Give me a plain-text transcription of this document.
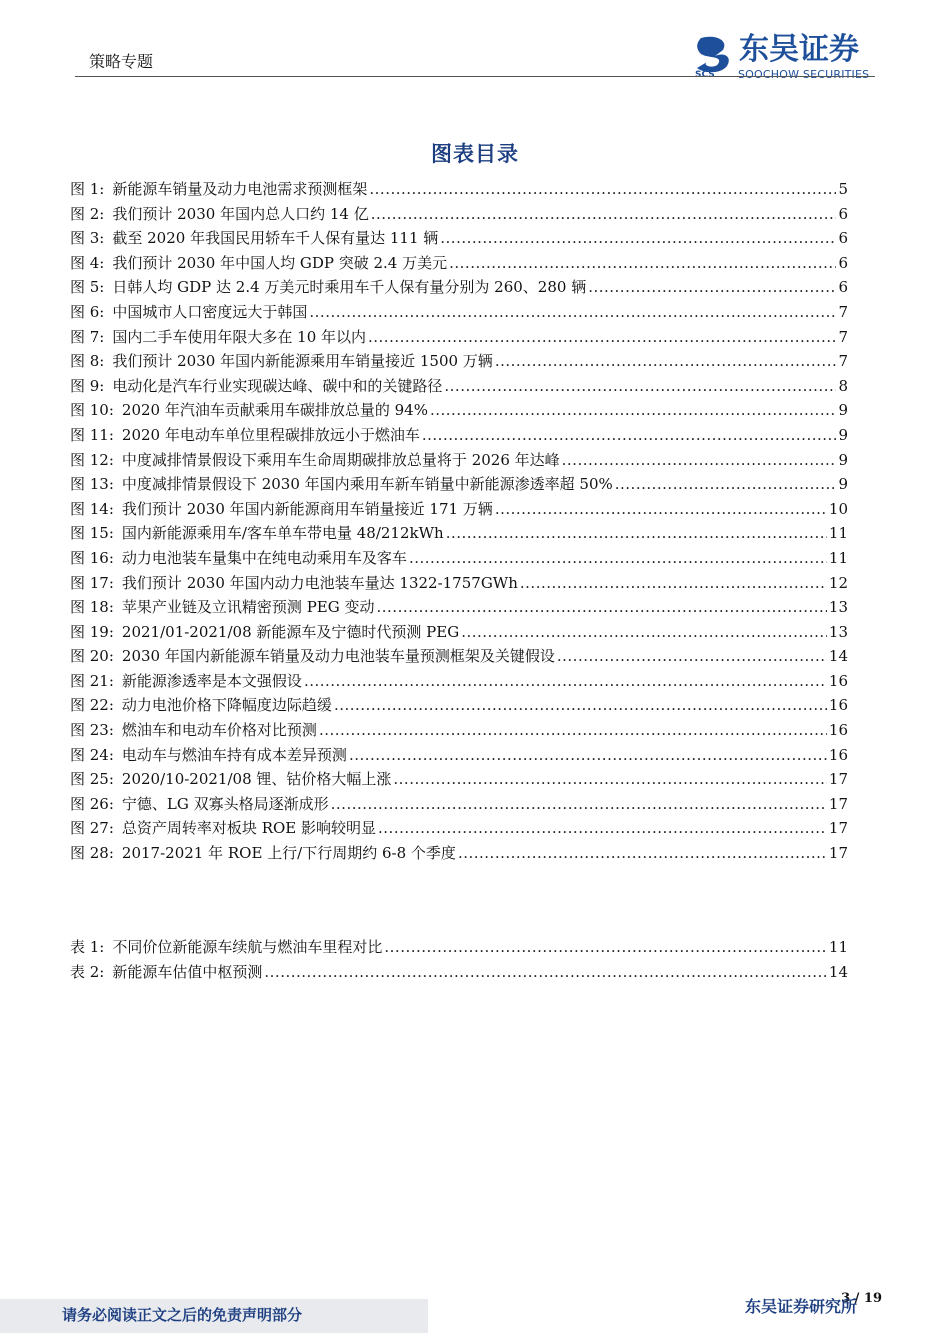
策略专题
SCS
东吴证券
SOOCHOW SECURITIES
图表目录
图 1: 新能源车销量及动力电池需求预测框架 .....	5
图 2: 我们预计 2030 年国内总人口约 14 亿 .....	6
图 3: 截至 2020 年我国民用轿车千人保有量达 111 辆 .....	6
图 4: 我们预计 2030 年中国人均 GDP 突破 2.4 万美元 .....	6
图 5: 日韩人均 GDP 达 2.4 万美元时乘用车千人保有量分别为 260、280 辆 .....	6
图 6: 中国城市人口密度远大于韩国 .....	7
图 7: 国内二手车使用年限大多在 10 年以内 .....	7
图 8: 我们预计 2030 年国内新能源乘用车销量接近 1500 万辆 .....	7
图 9: 电动化是汽车行业实现碳达峰、碳中和的关键路径 .....	8
图 10: 2020 年汽油车贡献乘用车碳排放总量的 94% .....	9
图 11: 2020 年电动车单位里程碳排放远小于燃油车 .....	9
图 12: 中度减排情景假设下乘用车生命周期碳排放总量将于 2026 年达峰 .....	9
图 13: 中度减排情景假设下 2030 年国内乘用车新车销量中新能源渗透率超 50% .....	9
图 14: 我们预计 2030 年国内新能源商用车销量接近 171 万辆 .....	10
图 15: 国内新能源乘用车/客车单车带电量 48/212kWh .....	11
图 16: 动力电池装车量集中在纯电动乘用车及客车 .....	11
图 17: 我们预计 2030 年国内动力电池装车量达 1322-1757GWh .....	12
图 18: 苹果产业链及立讯精密预测 PEG 变动 .....	13
图 19: 2021/01-2021/08 新能源车及宁德时代预测 PEG .....	13
图 20: 2030 年国内新能源车销量及动力电池装车量预测框架及关键假设 .....	14
图 21: 新能源渗透率是本文强假设 .....	16
图 22: 动力电池价格下降幅度边际趋缓 .....	16
图 23: 燃油车和电动车价格对比预测 .....	16
图 24: 电动车与燃油车持有成本差异预测 .....	16
图 25: 2020/10-2021/08 锂、钴价格大幅上涨 .....	17
图 26: 宁德、LG 双寡头格局逐渐成形 .....	17
图 27: 总资产周转率对板块 ROE 影响较明显 .....	17
图 28: 2017-2021 年 ROE 上行/下行周期约 6-8 个季度 .....	17
表 1: 不同价位新能源车续航与燃油车里程对比 .....	11
表 2: 新能源车估值中枢预测 .....	14
3 / 19
请务必阅读正文之后的免责声明部分	东吴证券研究所
